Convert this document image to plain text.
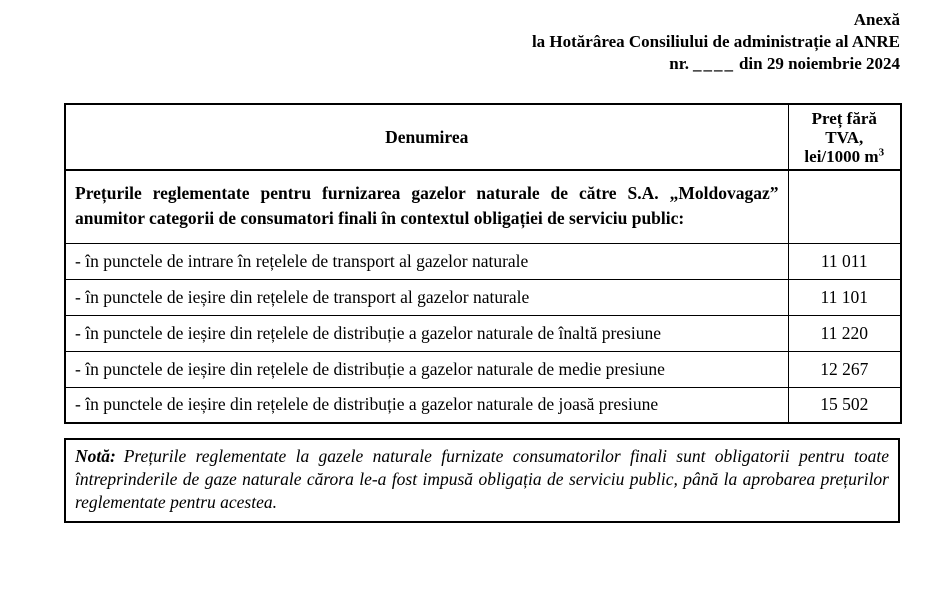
Anexă
la Hotărârea Consiliului de administrație al ANRE
nr. ____ din 29 noiembrie 2024
Denumirea	Preț fără
TVA,
lei/1000 $m^3$
Prețurile reglementate pentru furnizarea gazelor naturale de către S.A. „Moldovagaz” anumitor categorii de consumatori finali în contextul obligației de serviciu public:	
- în punctele de intrare în rețelele de transport al gazelor naturale	11 011
- în punctele de ieșire din rețelele de transport al gazelor naturale	11 101
- în punctele de ieșire din rețelele de distribuție a gazelor naturale de înaltă presiune	11 220
- în punctele de ieșire din rețelele de distribuție a gazelor naturale de medie presiune	12 267
- în punctele de ieșire din rețelele de distribuție a gazelor naturale de joasă presiune	15 502
Notă: Prețurile reglementate la gazele naturale furnizate consumatorilor finali sunt obligatorii pentru toate întreprinderile de gaze naturale cărora le-a fost impusă obligația de serviciu public, până la aprobarea prețurilor reglementate pentru acestea.
